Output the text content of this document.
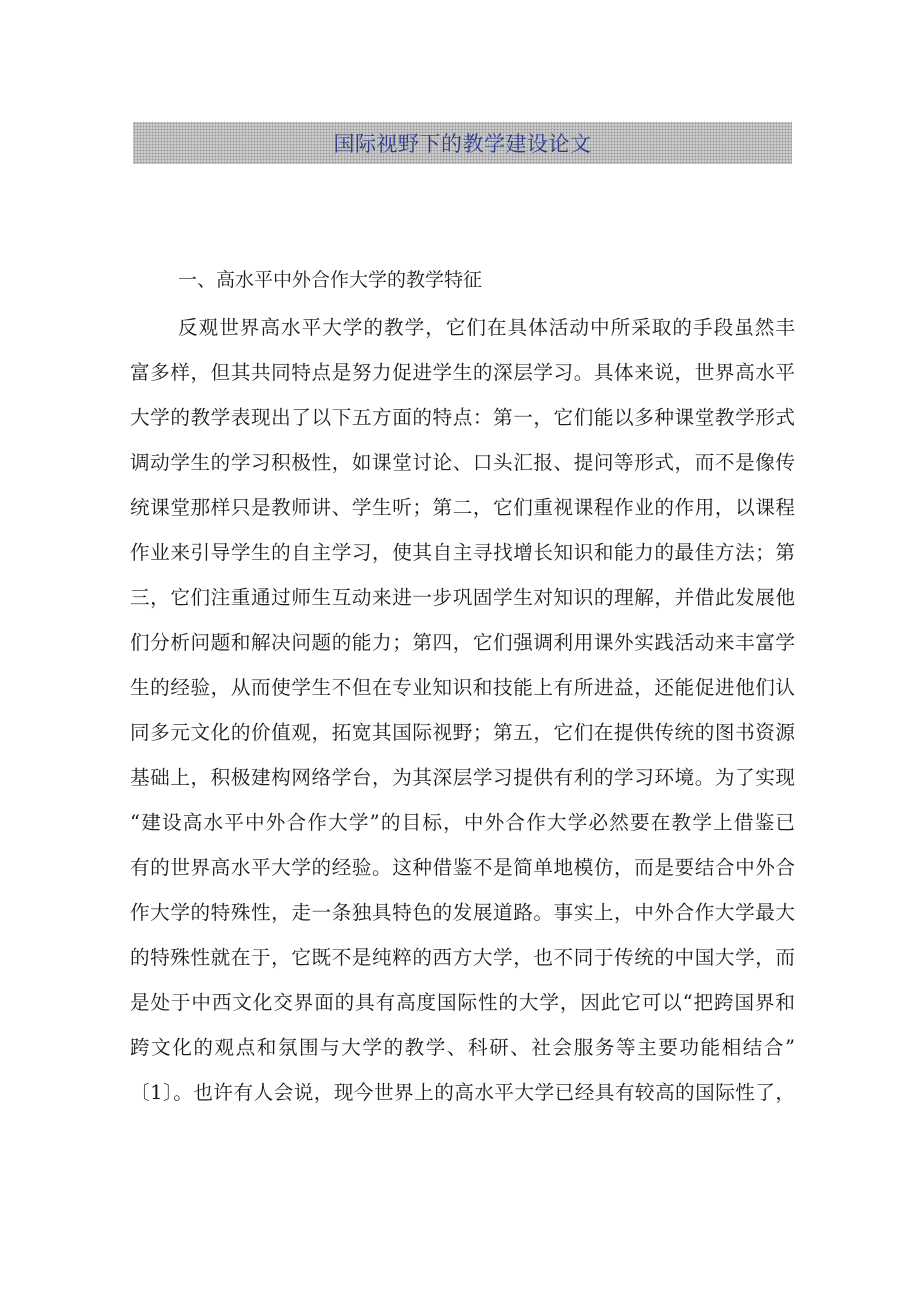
国际视野下的教学建设论文
一、高水平中外合作大学的教学特征
反观世界高水平大学的教学，它们在具体活动中所采取的手段虽然丰
富多样，但其共同特点是努力促进学生的深层学习。具体来说，世界高水平
大学的教学表现出了以下五方面的特点：第一，它们能以多种课堂教学形式
调动学生的学习积极性，如课堂讨论、口头汇报、提问等形式，而不是像传
统课堂那样只是教师讲、学生听；第二，它们重视课程作业的作用，以课程
作业来引导学生的自主学习，使其自主寻找增长知识和能力的最佳方法；第
三，它们注重通过师生互动来进一步巩固学生对知识的理解，并借此发展他
们分析问题和解决问题的能力；第四，它们强调利用课外实践活动来丰富学
生的经验，从而使学生不但在专业知识和技能上有所进益，还能促进他们认
同多元文化的价值观，拓宽其国际视野；第五，它们在提供传统的图书资源
基础上，积极建构网络学台，为其深层学习提供有利的学习环境。为了实现
“建设高水平中外合作大学”的目标，中外合作大学必然要在教学上借鉴已
有的世界高水平大学的经验。这种借鉴不是简单地模仿，而是要结合中外合
作大学的特殊性，走一条独具特色的发展道路。事实上，中外合作大学最大
的特殊性就在于，它既不是纯粹的西方大学，也不同于传统的中国大学，而
是处于中西文化交界面的具有高度国际性的大学，因此它可以“把跨国界和
跨文化的观点和氛围与大学的教学、科研、社会服务等主要功能相结合”
〔1〕。也许有人会说，现今世界上的高水平大学已经具有较高的国际性了，
